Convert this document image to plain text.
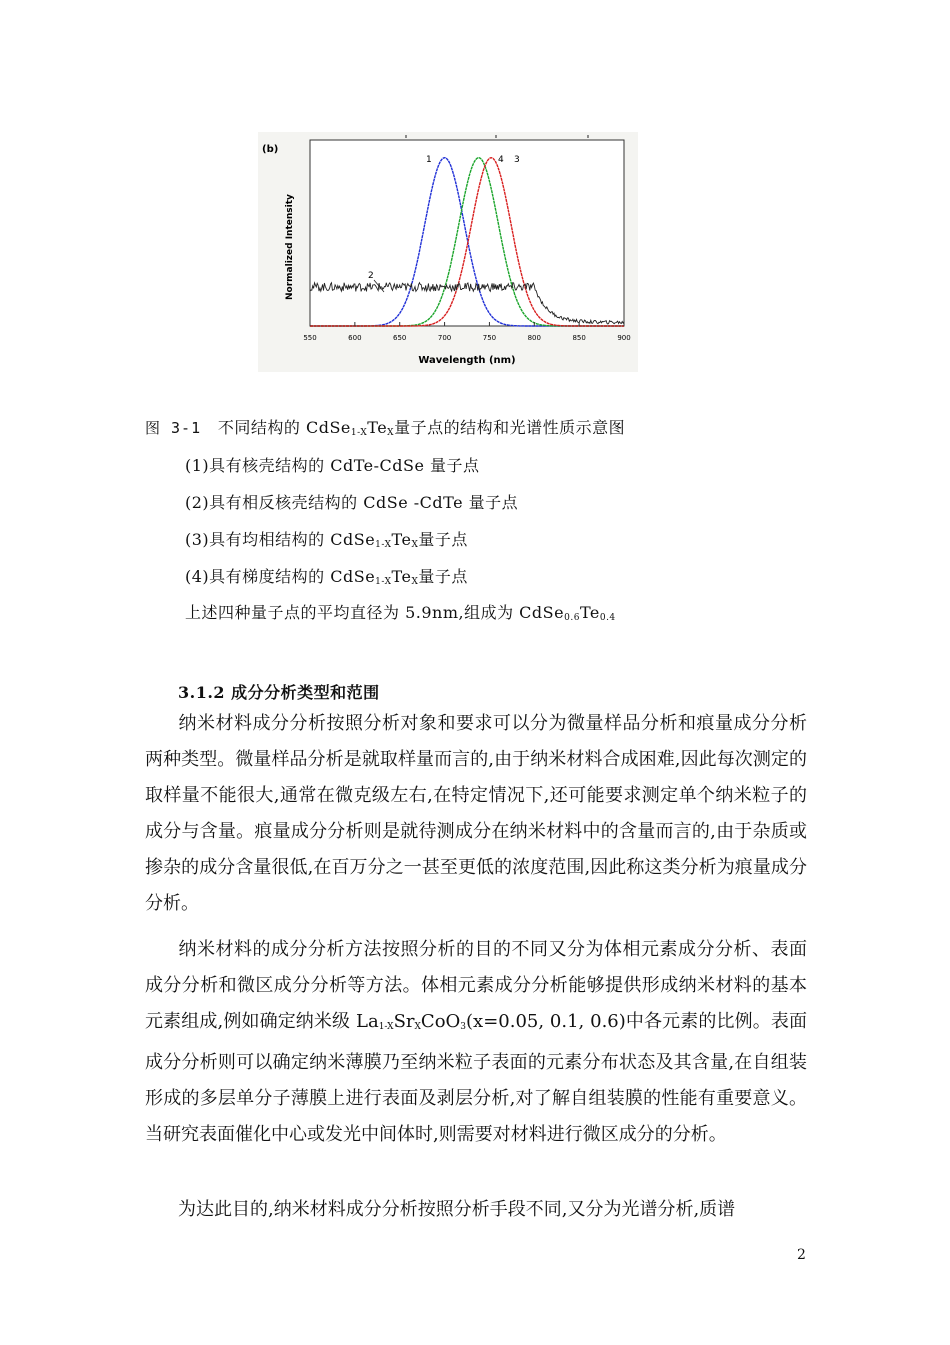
(b)
550	600	650	700	750	800	850	900
Normalized Intensity
Wavelength (nm)
1
2
4 3
图 3-1 不同结构的 $CdSe_{1-X}Te_X$量子点的结构和光谱性质示意图
(1)具有核壳结构的 CdTe-CdSe 量子点
(2)具有相反核壳结构的 CdSe -CdTe 量子点
(3)具有均相结构的 $CdSe_{1-X}Te_X$量子点
(4)具有梯度结构的 $CdSe_{1-X}Te_X$量子点
上述四种量子点的平均直径为 5.9nm,组成为 $CdSe_{0.6}Te_{0.4}$
3.1.2 成分分析类型和范围
纳米材料成分分析按照分析对象和要求可以分为微量样品分析和痕量成分分析两种类型。微量样品分析是就取样量而言的,由于纳米材料合成困难,因此每次测定的取样量不能很大,通常在微克级左右,在特定情况下,还可能要求测定单个纳米粒子的成分与含量。痕量成分分析则是就待测成分在纳米材料中的含量而言的,由于杂质或掺杂的成分含量很低,在百万分之一甚至更低的浓度范围,因此称这类分析为痕量成分分析。
纳米材料的成分分析方法按照分析的目的不同又分为体相元素成分分析、表面成分分析和微区成分分析等方法。体相元素成分分析能够提供形成纳米材料的基本元素组成,例如确定纳米级 $La_{1-X}Sr_XCoO_3(x=0.05$, 0.1, 0.6)中各元素的比例。表面成分分析则可以确定纳米薄膜乃至纳米粒子表面的元素分布状态及其含量,在自组装形成的多层单分子薄膜上进行表面及剥层分析,对了解自组装膜的性能有重要意义。当研究表面催化中心或发光中间体时,则需要对材料进行微区成分的分析。
为达此目的,纳米材料成分分析按照分析手段不同,又分为光谱分析,质谱
2
